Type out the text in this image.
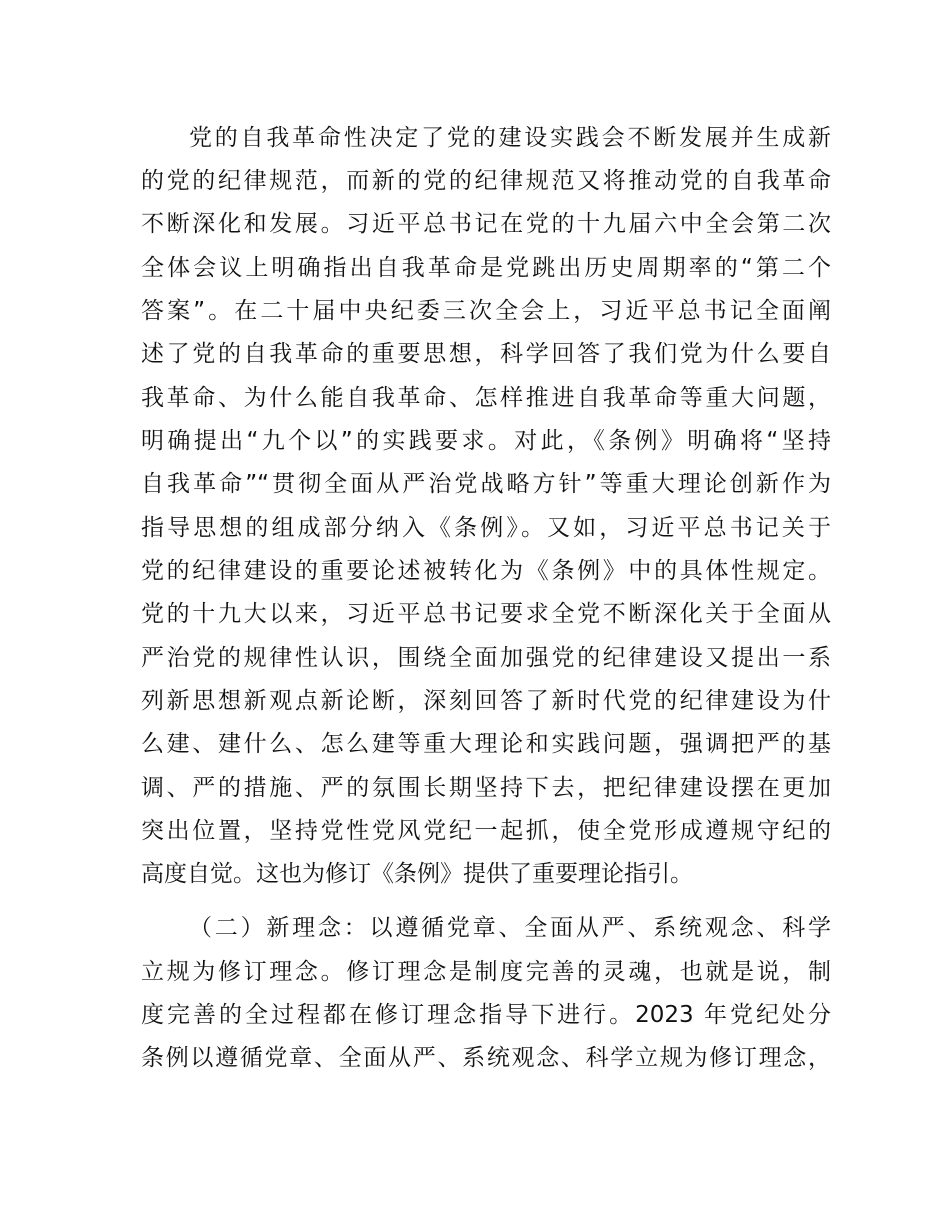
党的自我革命性决定了党的建设实践会不断发展并生成新
的党的纪律规范，而新的党的纪律规范又将推动党的自我革命
不断深化和发展。习近平总书记在党的十九届六中全会第二次
全体会议上明确指出自我革命是党跳出历史周期率的“第二个
答案”。在二十届中央纪委三次全会上，习近平总书记全面阐
述了党的自我革命的重要思想，科学回答了我们党为什么要自
我革命、为什么能自我革命、怎样推进自我革命等重大问题，
明确提出“九个以”的实践要求。对此，《条例》明确将“坚持
自我革命”“贯彻全面从严治党战略方针”等重大理论创新作为
指导思想的组成部分纳入《条例》。又如，习近平总书记关于
党的纪律建设的重要论述被转化为《条例》中的具体性规定。
党的十九大以来，习近平总书记要求全党不断深化关于全面从
严治党的规律性认识，围绕全面加强党的纪律建设又提出一系
列新思想新观点新论断，深刻回答了新时代党的纪律建设为什
么建、建什么、怎么建等重大理论和实践问题，强调把严的基
调、严的措施、严的氛围长期坚持下去，把纪律建设摆在更加
突出位置，坚持党性党风党纪一起抓，使全党形成遵规守纪的
高度自觉。这也为修订《条例》提供了重要理论指引。
（二）新理念：以遵循党章、全面从严、系统观念、科学
立规为修订理念。修订理念是制度完善的灵魂，也就是说，制
度完善的全过程都在修订理念指导下进行。2023 年党纪处分
条例以遵循党章、全面从严、系统观念、科学立规为修订理念，
